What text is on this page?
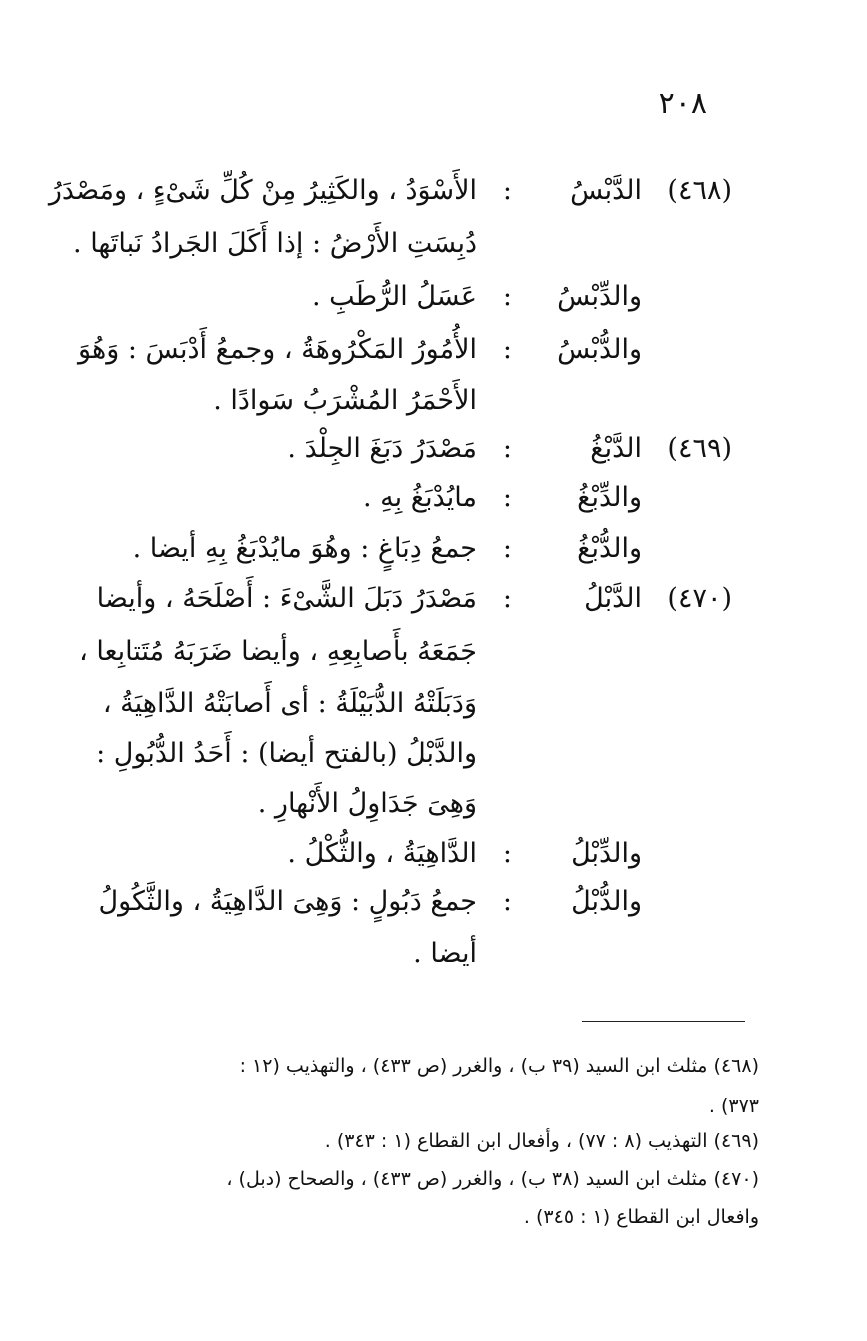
٢٠٨
(٤٦٨)
الدَّبْسُ
:
الأَسْوَدُ ، والكَثِيرُ مِنْ كُلِّ شَىْءٍ ، ومَصْدَرُ
دُبِسَتِ الأَرْضُ : إذا أَكَلَ الجَرادُ نَباتَها .
والدِّبْسُ
:
عَسَلُ الرُّطَبِ .
والدُّبْسُ
:
الأُمُورُ المَكْرُوهَةُ ، وجمعُ أَدْبَسَ : وَهُوَ
الأَحْمَرُ المُشْرَبُ سَوادًا .
(٤٦٩)
الدَّبْغُ
:
مَصْدَرُ دَبَغَ الجِلْدَ .
والدِّبْغُ
:
مايُدْبَغُ بِهِ .
والدُّبْغُ
:
جمعُ دِبَاغٍ : وهُوَ مايُدْبَغُ بِهِ أيضا .
(٤٧٠)
الدَّبْلُ
:
مَصْدَرُ دَبَلَ الشَّىْءَ : أَصْلَحَهُ ، وأيضا
جَمَعَهُ بأَصابِعِهِ ، وأيضا ضَرَبَهُ مُتَتابِعا ،
وَدَبَلَتْهُ الدُّبَيْلَةُ : أى أَصابَتْهُ الدَّاهِيَةُ ،
والدَّبْلُ (بالفتح أيضا) : أَحَدُ الدُّبُولِ :
وَهِىَ جَدَاوِلُ الأَنْهارِ .
والدِّبْلُ
:
الدَّاهِيَةُ ، والثُّكْلُ .
والدُّبْلُ
:
جمعُ دَبُولٍ : وَهِىَ الدَّاهِيَةُ ، والثَّكُولُ
أيضا .
(٤٦٨) مثلث ابن السيد (٣٩ ب) ، والغرر (ص ٤٣٣) ، والتهذيب (١٢ :
٣٧٣) .
(٤٦٩) التهذيب (٨ : ٧٧) ، وأفعال ابن القطاع (١ : ٣٤٣) .
(٤٧٠) مثلث ابن السيد (٣٨ ب) ، والغرر (ص ٤٣٣) ، والصحاح (دبل) ،
وافعال ابن القطاع (١ : ٣٤٥) .
